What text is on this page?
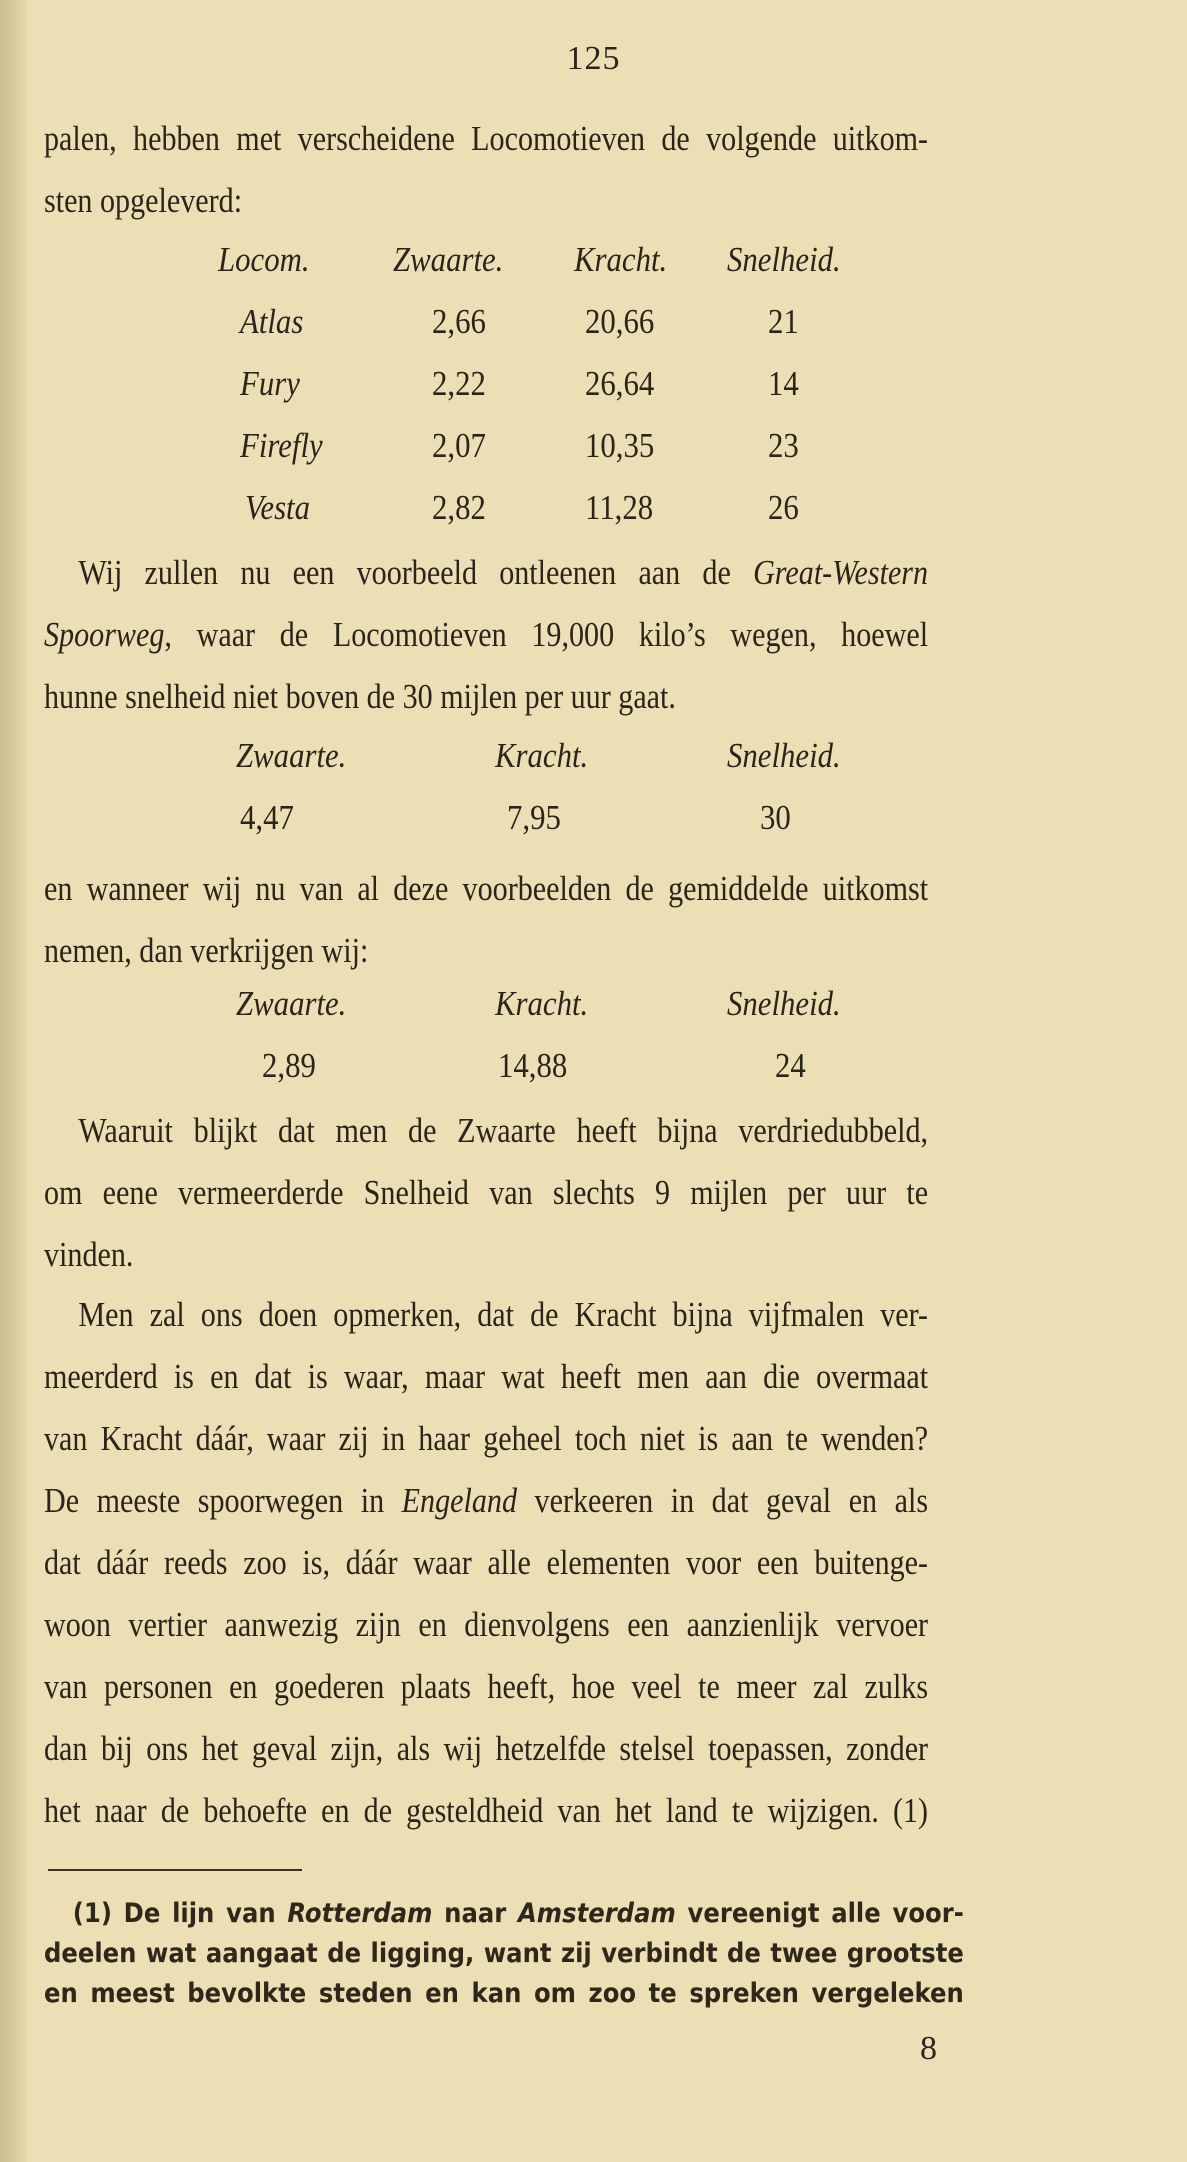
125
palen, hebben met verscheidene Locomotieven de volgende uitkom-
sten opgeleverd:
Locom. Zwaarte. Kracht. Snelheid.
Atlas	2,66	20,66	21
Fury	2,22	26,64	14
Firefly	2,07	10,35	23
Vesta	2,82	11,28	26
Wij zullen nu een voorbeeld ontleenen aan de Great-Western
Spoorweg, waar de Locomotieven 19,000 kilo’s wegen, hoewel
hunne snelheid niet boven de 30 mijlen per uur gaat.
Zwaarte.	Kracht.	Snelheid.
4,47	7,95	30
en wanneer wij nu van al deze voorbeelden de gemiddelde uitkomst
nemen, dan verkrijgen wij:
Zwaarte.	Kracht.	Snelheid.
2,89	14,88	24
Waaruit blijkt dat men de Zwaarte heeft bijna verdriedubbeld,
om eene vermeerderde Snelheid van slechts 9 mijlen per uur te
vinden.
Men zal ons doen opmerken, dat de Kracht bijna vijfmalen ver-
meerderd is en dat is waar, maar wat heeft men aan die overmaat
van Kracht dáár, waar zij in haar geheel toch niet is aan te wenden?
De meeste spoorwegen in Engeland verkeeren in dat geval en als
dat dáár reeds zoo is, dáár waar alle elementen voor een buitenge-
woon vertier aanwezig zijn en dienvolgens een aanzienlijk vervoer
van personen en goederen plaats heeft, hoe veel te meer zal zulks
dan bij ons het geval zijn, als wij hetzelfde stelsel toepassen, zonder
het naar de behoefte en de gesteldheid van het land te wijzigen. (1)
(1) De lijn van Rotterdam naar Amsterdam vereenigt alle voor-
deelen wat aangaat de ligging, want zij verbindt de twee grootste
en meest bevolkte steden en kan om zoo te spreken vergeleken
8
